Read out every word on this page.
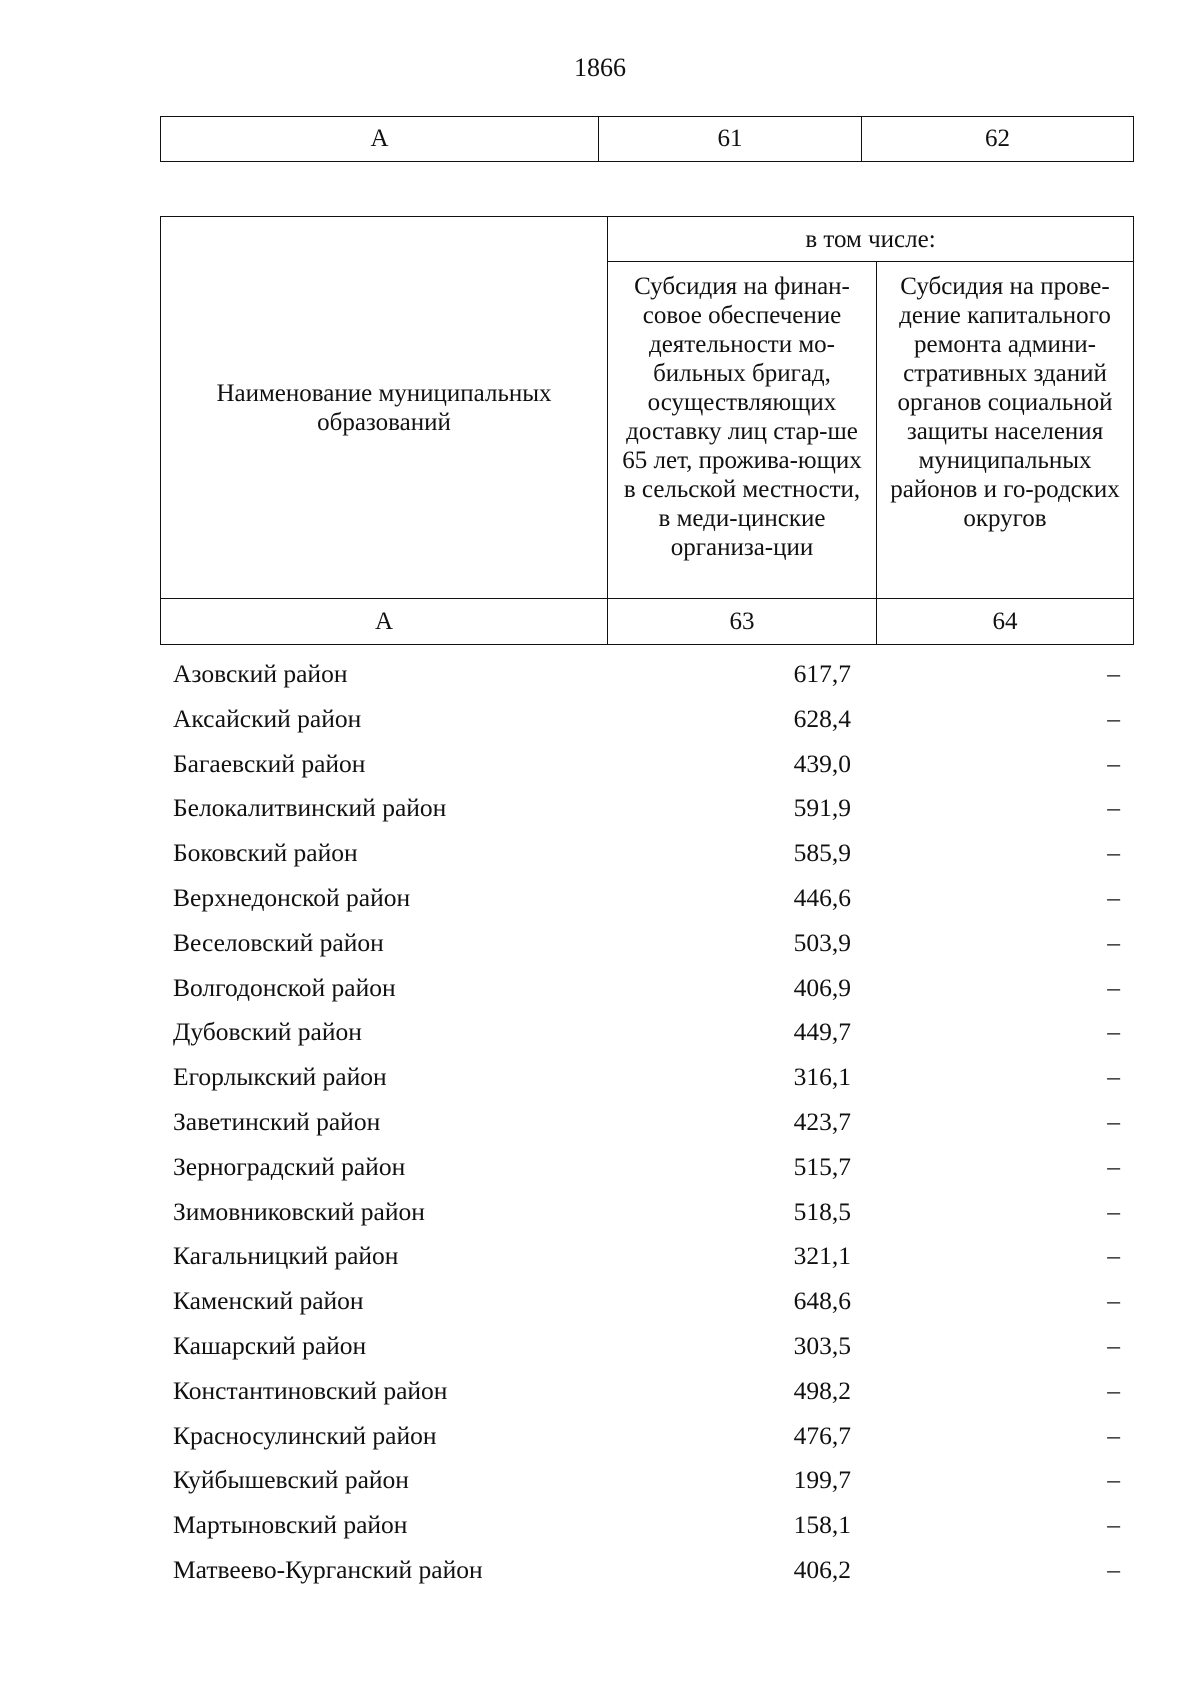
1866
А	61	62
Наименование муниципальных образований	в том числе:	
	Субсидия на финан-совое обеспечение деятельности мо-бильных бригад, осуществляющих доставку лиц стар-ше 65 лет, прожива-ющих в сельской местности, в меди-цинские организа-ции	Субсидия на прове-дение капитального ремонта админи-стративных зданий органов социальной защиты населения муниципальных районов и го-родских округов
А	63	64
Азовский район	617,7	–
Аксайский район	628,4	–
Багаевский район	439,0	–
Белокалитвинский район	591,9	–
Боковский район	585,9	–
Верхнедонской район	446,6	–
Веселовский район	503,9	–
Волгодонской район	406,9	–
Дубовский район	449,7	–
Егорлыкский район	316,1	–
Заветинский район	423,7	–
Зерноградский район	515,7	–
Зимовниковский район	518,5	–
Кагальницкий район	321,1	–
Каменский район	648,6	–
Кашарский район	303,5	–
Константиновский район	498,2	–
Красносулинский район	476,7	–
Куйбышевский район	199,7	–
Мартыновский район	158,1	–
Матвеево-Курганский район	406,2	–
